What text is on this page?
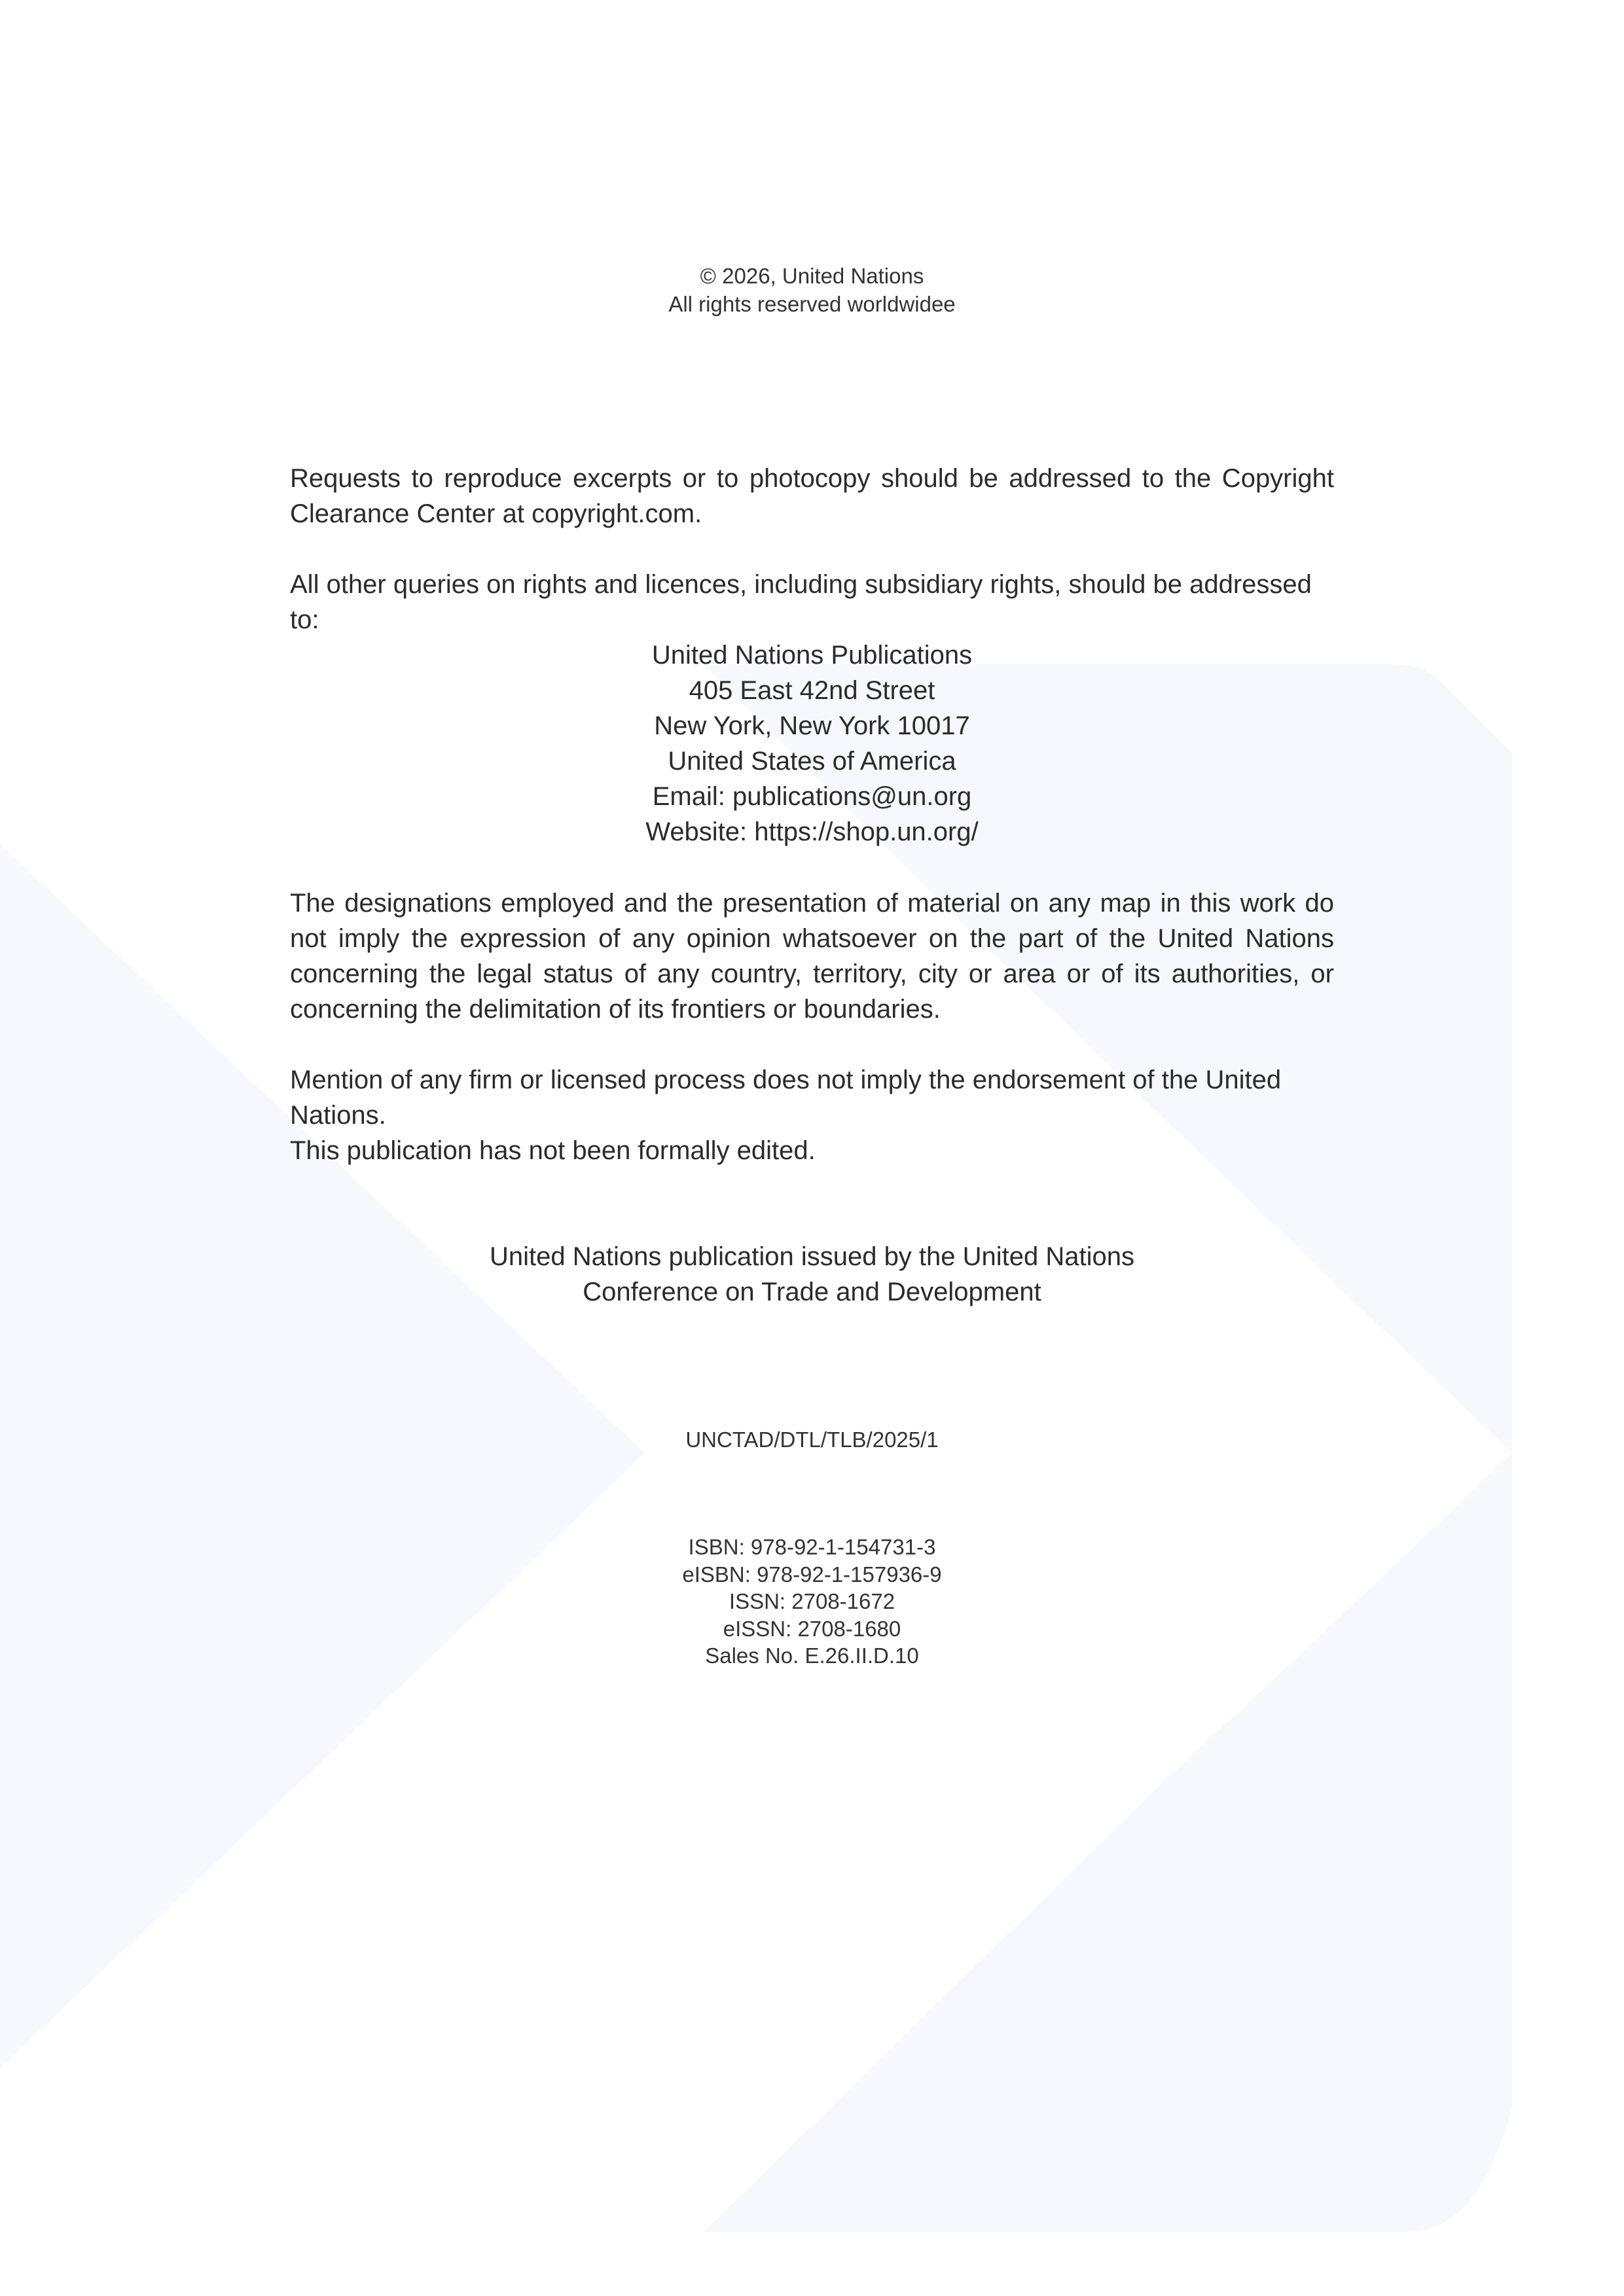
© 2026, United Nations
All rights reserved worldwidee

Requests to reproduce excerpts or to photocopy should be addressed to the Copyright Clearance Center at copyright.com.

All other queries on rights and licences, including subsidiary rights, should be addressed to:

United Nations Publications
405 East 42nd Street
New York, New York 10017
United States of America
Email: publications@un.org
Website: https://shop.un.org/

The designations employed and the presentation of material on any map in this work do not imply the expression of any opinion whatsoever on the part of the United Nations concerning the legal status of any country, territory, city or area or of its authorities, or concerning the delimitation of its frontiers or boundaries.

Mention of any firm or licensed process does not imply the endorsement of the United Nations.

This publication has not been formally edited.

United Nations publication issued by the United Nations
Conference on Trade and Development
UNCTAD/DTL/TLB/2025/1
ISBN: 978-92-1-154731-3
eISBN: 978-92-1-157936-9
ISSN: 2708-1672
eISSN: 2708-1680
Sales No. E.26.II.D.10
